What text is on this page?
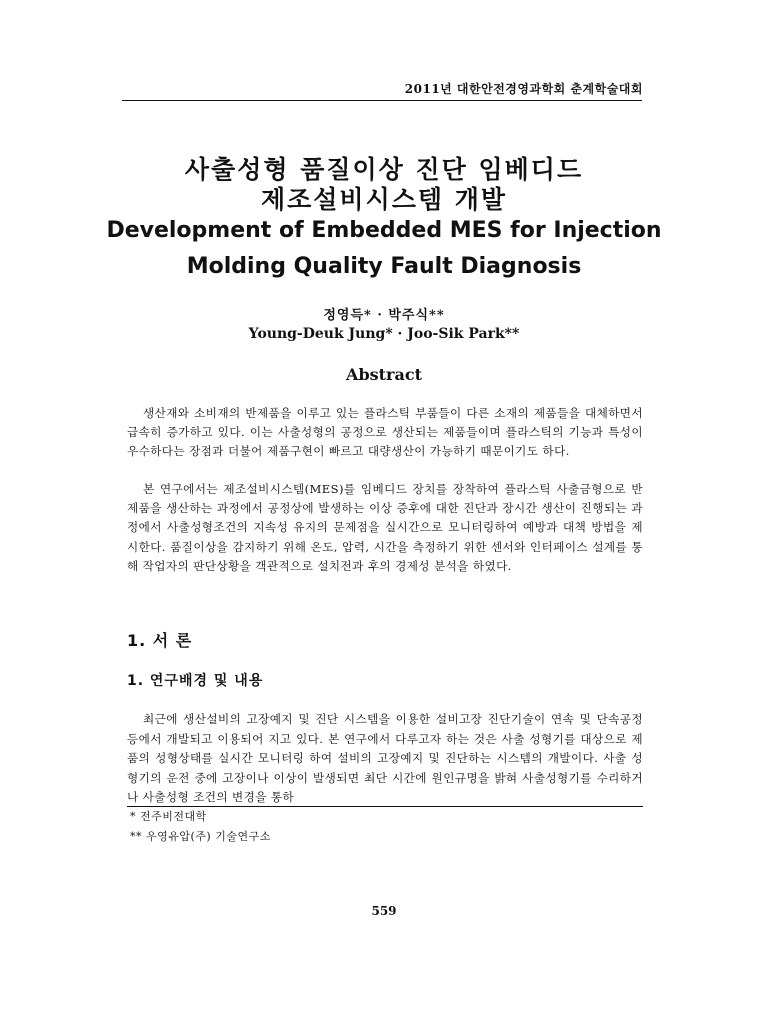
2011년 대한안전경영과학회 춘계학술대회
사출성형 품질이상 진단 임베디드
제조설비시스템 개발
Development of Embedded MES for Injection
Molding Quality Fault Diagnosis
정영득* · 박주식**
Young-Deuk Jung* · Joo-Sik Park**
Abstract

생산재와 소비재의 반제품을 이루고 있는 플라스틱 부품들이 다른 소재의 제품들을 대체하면서 급속히 증가하고 있다. 이는 사출성형의 공정으로 생산되는 제품들이며 플라스틱의 기능과 특성이 우수하다는 장점과 더불어 제품구현이 빠르고 대량생산이 가능하기 때문이기도 하다.

본 연구에서는 제조설비시스템(MES)를 임베디드 장치를 장착하여 플라스틱 사출금형으로 반제품을 생산하는 과정에서 공정상에 발생하는 이상 증후에 대한 진단과 장시간 생산이 진행되는 과정에서 사출성형조건의 지속성 유지의 문제점을 실시간으로 모니터링하여 예방과 대책 방법을 제시한다. 품질이상을 감지하기 위해 온도, 압력, 시간을 측정하기 위한 센서와 인터페이스 설계를 통해 작업자의 판단상황을 객관적으로 설치전과 후의 경제성 분석을 하였다.

1. 서 론
1. 연구배경 및 내용

최근에 생산설비의 고장예지 및 진단 시스템을 이용한 설비고장 진단기술이 연속 및 단속공정 등에서 개발되고 이용되어 지고 있다. 본 연구에서 다루고자 하는 것은 사출 성형기를 대상으로 제품의 성형상태를 실시간 모니터링 하여 설비의 고장예지 및 진단하는 시스템의 개발이다. 사출 성형기의 운전 중에 고장이나 이상이 발생되면 최단 시간에 원인규명을 밝혀 사출성형기를 수리하거나 사출성형 조건의 변경을 통하

* 전주비전대학
** 우영유압(주) 기술연구소
559
